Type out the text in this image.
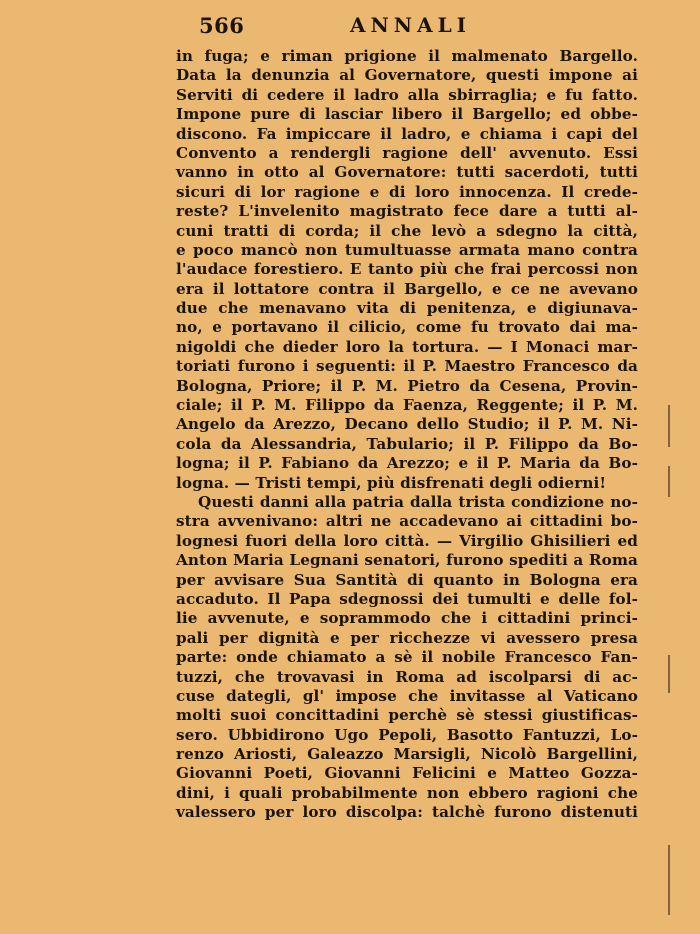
566	ANNALI
in fuga; e riman prigione il malmenato Bargello.
Data la denunzia al Governatore, questi impone ai
Serviti di cedere il ladro alla sbirraglia; e fu fatto.
Impone pure di lasciar libero il Bargello; ed obbe-
discono. Fa impiccare il ladro, e chiama i capi del
Convento a rendergli ragione dell' avvenuto. Essi
vanno in otto al Governatore: tutti sacerdoti, tutti
sicuri di lor ragione e di loro innocenza. Il crede-
reste? L'invelenito magistrato fece dare a tutti al-
cuni tratti di corda; il che levò a sdegno la città,
e poco mancò non tumultuasse armata mano contra
l'audace forestiero. E tanto più che frai percossi non
era il lottatore contra il Bargello, e ce ne avevano
due che menavano vita di penitenza, e digiunava-
no, e portavano il cilicio, come fu trovato dai ma-
nigoldi che dieder loro la tortura. — I Monaci mar-
toriati furono i seguenti: il P. Maestro Francesco da
Bologna, Priore; il P. M. Pietro da Cesena, Provin-
ciale; il P. M. Filippo da Faenza, Reggente; il P. M.
Angelo da Arezzo, Decano dello Studio; il P. M. Ni-
cola da Alessandria, Tabulario; il P. Filippo da Bo-
logna; il P. Fabiano da Arezzo; e il P. Maria da Bo-
logna. — Tristi tempi, più disfrenati degli odierni!
Questi danni alla patria dalla trista condizione no-
stra avvenivano: altri ne accadevano ai cittadini bo-
lognesi fuori della loro città. — Virgilio Ghisilieri ed
Anton Maria Legnani senatori, furono spediti a Roma
per avvisare Sua Santità di quanto in Bologna era
accaduto. Il Papa sdegnossi dei tumulti e delle fol-
lie avvenute, e soprammodo che i cittadini princi-
pali per dignità e per ricchezze vi avessero presa
parte: onde chiamato a sè il nobile Francesco Fan-
tuzzi, che trovavasi in Roma ad iscolparsi di ac-
cuse dategli, gl' impose che invitasse al Vaticano
molti suoi concittadini perchè sè stessi giustificas-
sero. Ubbidirono Ugo Pepoli, Basotto Fantuzzi, Lo-
renzo Ariosti, Galeazzo Marsigli, Nicolò Bargellini,
Giovanni Poeti, Giovanni Felicini e Matteo Gozza-
dini, i quali probabilmente non ebbero ragioni che
valessero per loro discolpa: talchè furono distenuti
